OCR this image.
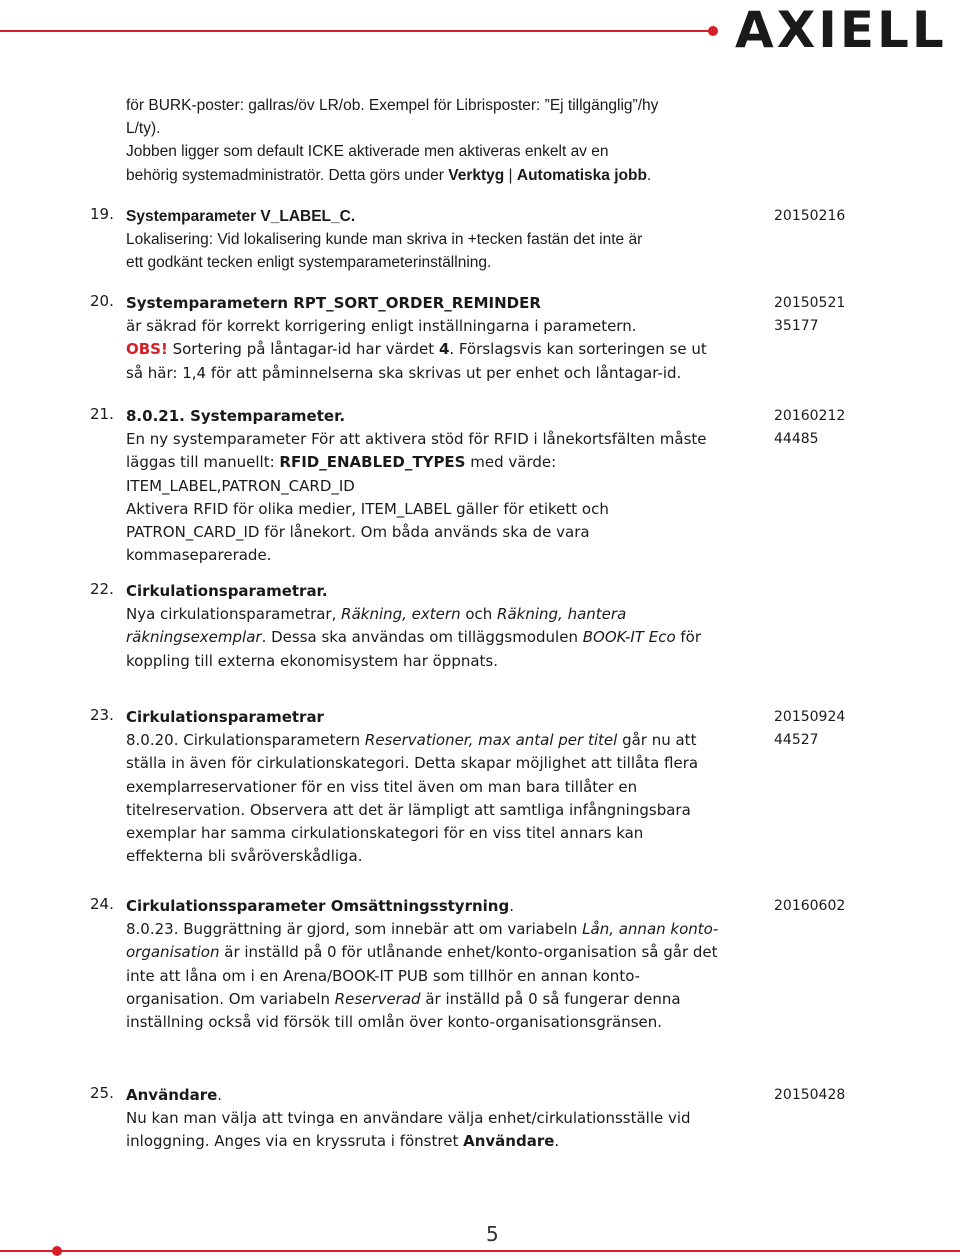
AXIELL
för BURK-poster: gallras/öv LR/ob. Exempel för Librisposter: ”Ej tillgänglig”/hy
L/ty).
Jobben ligger som default ICKE aktiverade men aktiveras enkelt av en
behörig systemadministratör. Detta görs under Verktyg | Automatiska jobb.
19. Systemparameter V_LABEL_C.
Lokalisering: Vid lokalisering kunde man skriva in +tecken fastän det inte är
ett godkänt tecken enligt systemparameterinställning.
20150216
20. Systemparametern RPT_SORT_ORDER_REMINDER
är säkrad för korrekt korrigering enligt inställningarna i parametern.
OBS! Sortering på låntagar-id har värdet 4. Förslagsvis kan sorteringen se ut
så här: 1,4 för att påminnelserna ska skrivas ut per enhet och låntagar-id.
20150521
35177
21. 8.0.21. Systemparameter.
En ny systemparameter För att aktivera stöd för RFID i lånekortsfälten måste
läggas till manuellt: RFID_ENABLED_TYPES med värde:
ITEM_LABEL,PATRON_CARD_ID
Aktivera RFID för olika medier, ITEM_LABEL gäller för etikett och
PATRON_CARD_ID för lånekort. Om båda används ska de vara
kommaseparerade.
20160212
44485
22. Cirkulationsparametrar.
Nya cirkulationsparametrar, Räkning, extern och Räkning, hantera
räkningsexemplar. Dessa ska användas om tilläggsmodulen BOOK-IT Eco för
koppling till externa ekonomisystem har öppnats.
23. Cirkulationsparametrar
8.0.20. Cirkulationsparametern Reservationer, max antal per titel går nu att
ställa in även för cirkulationskategori. Detta skapar möjlighet att tillåta flera
exemplarreservationer för en viss titel även om man bara tillåter en
titelreservation. Observera att det är lämpligt att samtliga infångningsbara
exemplar har samma cirkulationskategori för en viss titel annars kan
effekterna bli svåröverskådliga.
20150924
44527
24. Cirkulationssparameter Omsättningsstyrning.
8.0.23. Buggrättning är gjord, som innebär att om variabeln Lån, annan konto-
organisation är inställd på 0 för utlånande enhet/konto-organisation så går det
inte att låna om i en Arena/BOOK-IT PUB som tillhör en annan konto-
organisation. Om variabeln Reserverad är inställd på 0 så fungerar denna
inställning också vid försök till omlån över konto-organisationsgränsen.
20160602
25. Användare.
Nu kan man välja att tvinga en användare välja enhet/cirkulationsställe vid
inloggning. Anges via en kryssruta i fönstret Användare.
20150428
5
